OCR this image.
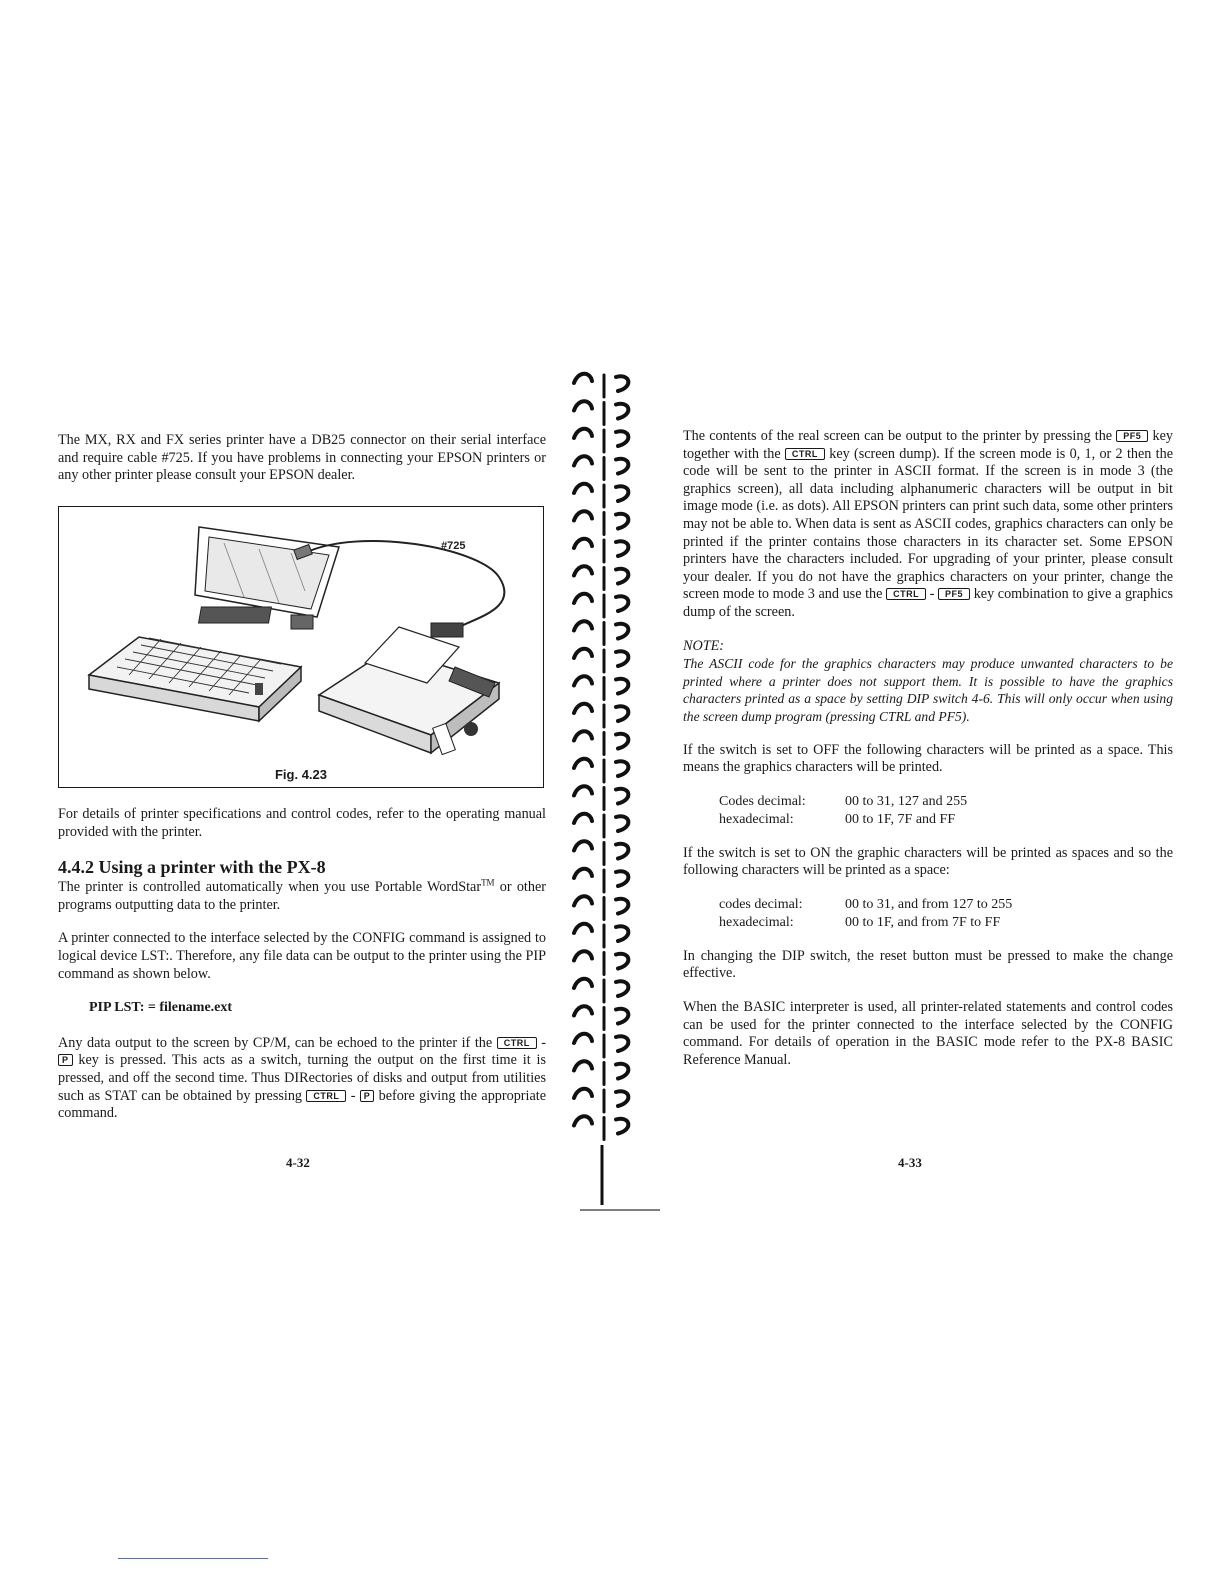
The MX, RX and FX series printer have a DB25 connector on their serial interface and require cable #725. If you have problems in connecting your EPSON printers or any other printer please consult your EPSON dealer.

#725
Fig. 4.23

For details of printer specifications and control codes, refer to the operating manual provided with the printer.

4.4.2 Using a printer with the PX-8

The printer is controlled automatically when you use Portable WordStar™ or other programs outputting data to the printer.

A printer connected to the interface selected by the CONFIG command is assigned to logical device LST:. Therefore, any file data can be output to the printer using the PIP command as shown below.

PIP LST: = filename.ext

Any data output to the screen by CP/M, can be echoed to the printer if the CTRL - P key is pressed. This acts as a switch, turning the output on the first time it is pressed, and off the second time. Thus DIRectories of disks and output from utilities such as STAT can be obtained by pressing CTRL - P before giving the appropriate command.

4-32

The contents of the real screen can be output to the printer by pressing the PF5 key together with the CTRL key (screen dump). If the screen mode is 0, 1, or 2 then the code will be sent to the printer in ASCII format. If the screen is in mode 3 (the graphics screen), all data including alphanumeric characters will be output in bit image mode (i.e. as dots). All EPSON printers can print such data, some other printers may not be able to. When data is sent as ASCII codes, graphics characters can only be printed if the printer contains those characters in its character set. Some EPSON printers have the characters included. For upgrading of your printer, please consult your dealer. If you do not have the graphics characters on your printer, change the screen mode to mode 3 and use the CTRL - PF5 key combination to give a graphics dump of the screen.

NOTE:

The ASCII code for the graphics characters may produce unwanted characters to be printed where a printer does not support them. It is possible to have the graphics characters printed as a space by setting DIP switch 4-6. This will only occur when using the screen dump program (pressing CTRL and PF5).

If the switch is set to OFF the following characters will be printed as a space. This means the graphics characters will be printed.

Codes decimal:	00 to 31, 127 and 255
hexadecimal:	00 to 1F, 7F and FF

If the switch is set to ON the graphic characters will be printed as spaces and so the following characters will be printed as a space:

codes decimal:	00 to 31, and from 127 to 255
hexadecimal:	00 to 1F, and from 7F to FF

In changing the DIP switch, the reset button must be pressed to make the change effective.

When the BASIC interpreter is used, all printer-related statements and control codes can be used for the printer connected to the interface selected by the CONFIG command. For details of operation in the BASIC mode refer to the PX-8 BASIC Reference Manual.

4-33
